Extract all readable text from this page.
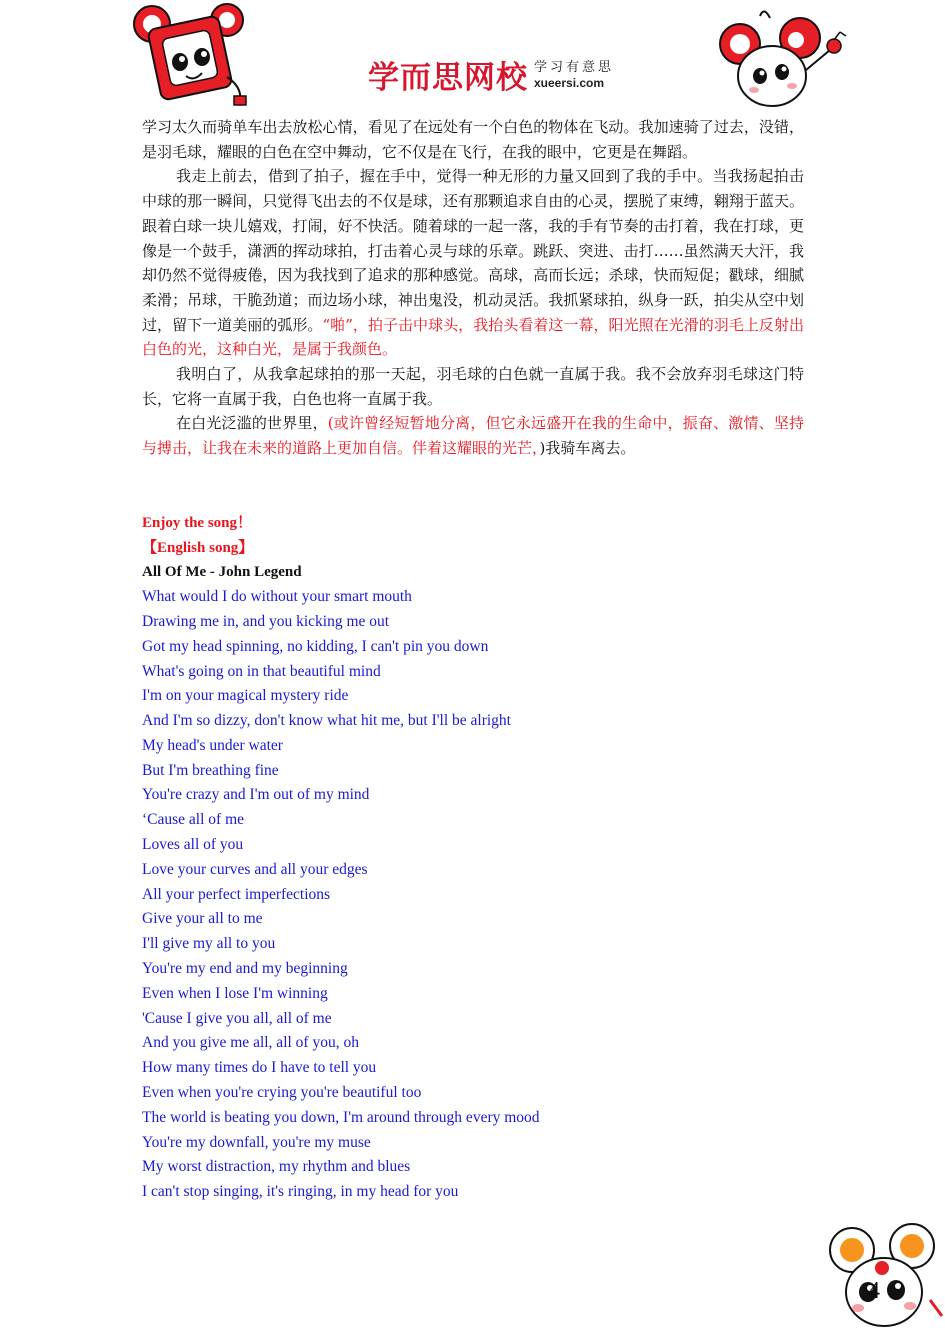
学而思网校 学习有意思
xueersi.com

学习太久而骑单车出去放松心情，看见了在远处有一个白色的物体在飞动。我加速骑了过去，没错，是羽毛球，耀眼的白色在空中舞动，它不仅是在飞行，在我的眼中，它更是在舞蹈。

我走上前去，借到了拍子，握在手中，觉得一种无形的力量又回到了我的手中。当我扬起拍击中球的那一瞬间，只觉得飞出去的不仅是球，还有那颗追求自由的心灵，摆脱了束缚，翱翔于蓝天。跟着白球一块儿嬉戏，打闹，好不快活。随着球的一起一落，我的手有节奏的击打着，我在打球，更像是一个鼓手，潇洒的挥动球拍，打击着心灵与球的乐章。跳跃、突进、击打……虽然满天大汗，我却仍然不觉得疲倦，因为我找到了追求的那种感觉。高球，高而长远；杀球，快而短促；戳球，细腻柔滑；吊球，干脆劲道；而边场小球，神出鬼没，机动灵活。我抓紧球拍，纵身一跃，拍尖从空中划过，留下一道美丽的弧形。“啪”，拍子击中球头，我抬头看着这一幕，阳光照在光滑的羽毛上反射出白色的光，这种白光，是属于我颜色。

我明白了，从我拿起球拍的那一天起，羽毛球的白色就一直属于我。我不会放弃羽毛球这门特长，它将一直属于我，白色也将一直属于我。

在白光泛滥的世界里，(或许曾经短暂地分离，但它永远盛开在我的生命中，振奋、激情、坚持与搏击，让我在未来的道路上更加自信。伴着这耀眼的光芒，)我骑车离去。

Enjoy the song！

【English song】

All Of Me - John Legend

What would I do without your smart mouth
Drawing me in, and you kicking me out
Got my head spinning, no kidding, I can't pin you down
What's going on in that beautiful mind
I'm on your magical mystery ride
And I'm so dizzy, don't know what hit me, but I'll be alright
My head's under water
But I'm breathing fine
You're crazy and I'm out of my mind
‘Cause all of me
Loves all of you
Love your curves and all your edges
All your perfect imperfections
Give your all to me
I'll give my all to you
You're my end and my beginning
Even when I lose I'm winning
'Cause I give you all, all of me
And you give me all, all of you, oh
How many times do I have to tell you
Even when you're crying you're beautiful too
The world is beating you down, I'm around through every mood
You're my downfall, you're my muse
My worst distraction, my rhythm and blues
I can't stop singing, it's ringing, in my head for you
4
